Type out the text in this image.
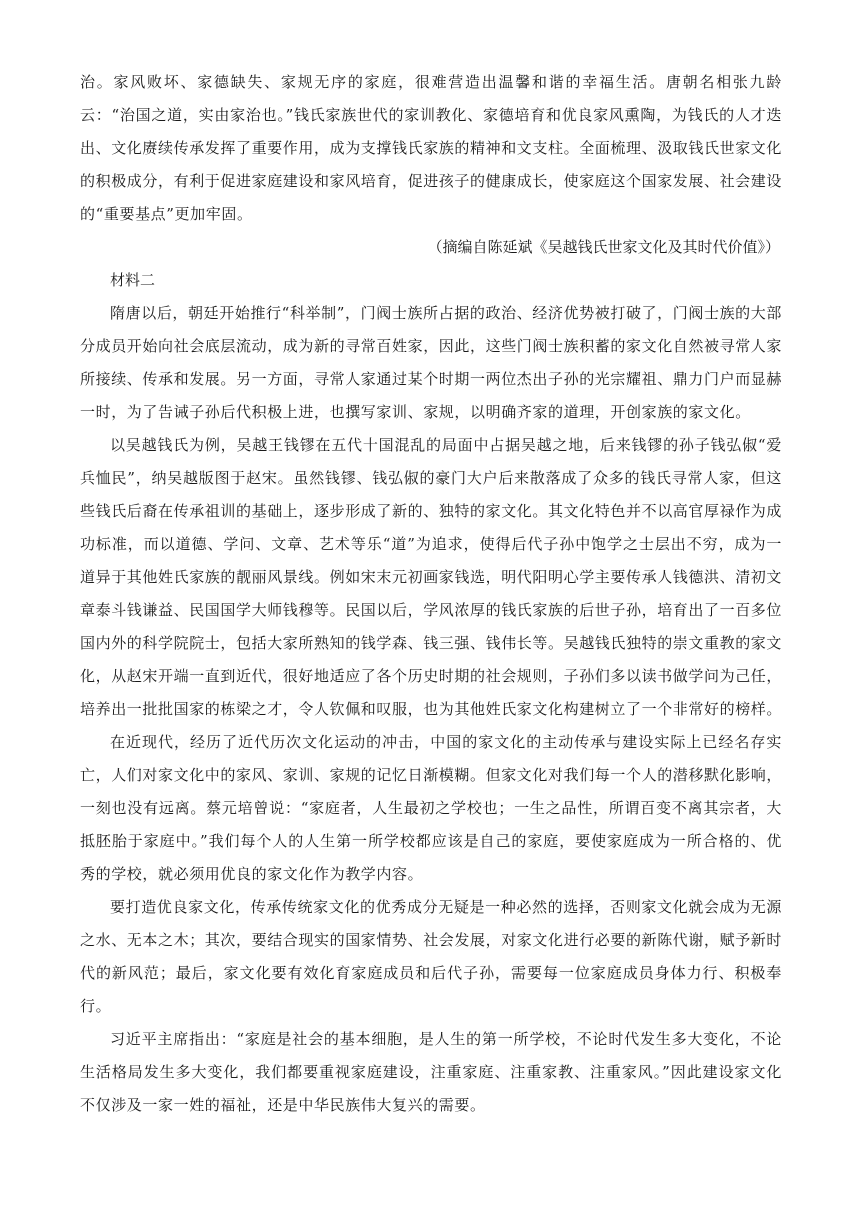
治。家风败坏、家德缺失、家规无序的家庭，很难营造出温馨和谐的幸福生活。唐朝名相张九龄云：“治国之道，实由家治也。”钱氏家族世代的家训教化、家德培育和优良家风熏陶，为钱氏的人才迭出、文化赓续传承发挥了重要作用，成为支撑钱氏家族的精神和文支柱。全面梳理、汲取钱氏世家文化的积极成分，有利于促进家庭建设和家风培育，促进孩子的健康成长，使家庭这个国家发展、社会建设的“重要基点”更加牢固。

（摘编自陈延斌《吴越钱氏世家文化及其时代价值》）

材料二

隋唐以后，朝廷开始推行“科举制”，门阀士族所占据的政治、经济优势被打破了，门阀士族的大部分成员开始向社会底层流动，成为新的寻常百姓家，因此，这些门阀士族积蓄的家文化自然被寻常人家所接续、传承和发展。另一方面，寻常人家通过某个时期一两位杰出子孙的光宗耀祖、鼎力门户而显赫一时，为了告诫子孙后代积极上进，也撰写家训、家规，以明确齐家的道理，开创家族的家文化。

以吴越钱氏为例，吴越王钱镠在五代十国混乱的局面中占据吴越之地，后来钱镠的孙子钱弘俶“爱兵恤民”，纳吴越版图于赵宋。虽然钱镠、钱弘俶的豪门大户后来散落成了众多的钱氏寻常人家，但这些钱氏后裔在传承祖训的基础上，逐步形成了新的、独特的家文化。其文化特色并不以高官厚禄作为成功标准，而以道德、学问、文章、艺术等乐“道”为追求，使得后代子孙中饱学之士层出不穷，成为一道异于其他姓氏家族的靓丽风景线。例如宋末元初画家钱选，明代阳明心学主要传承人钱德洪、清初文章泰斗钱谦益、民国国学大师钱穆等。民国以后，学风浓厚的钱氏家族的后世子孙，培育出了一百多位国内外的科学院院士，包括大家所熟知的钱学森、钱三强、钱伟长等。吴越钱氏独特的崇文重教的家文化，从赵宋开端一直到近代，很好地适应了各个历史时期的社会规则，子孙们多以读书做学问为己任，培养出一批批国家的栋梁之才，令人钦佩和叹服，也为其他姓氏家文化构建树立了一个非常好的榜样。

在近现代，经历了近代历次文化运动的冲击，中国的家文化的主动传承与建设实际上已经名存实亡，人们对家文化中的家风、家训、家规的记忆日渐模糊。但家文化对我们每一个人的潜移默化影响，一刻也没有远离。蔡元培曾说：“家庭者，人生最初之学校也；一生之品性，所谓百变不离其宗者，大抵胚胎于家庭中。”我们每个人的人生第一所学校都应该是自己的家庭，要使家庭成为一所合格的、优秀的学校，就必须用优良的家文化作为教学内容。

要打造优良家文化，传承传统家文化的优秀成分无疑是一种必然的选择，否则家文化就会成为无源之水、无本之木；其次，要结合现实的国家情势、社会发展，对家文化进行必要的新陈代谢，赋予新时代的新风范；最后，家文化要有效化育家庭成员和后代子孙，需要每一位家庭成员身体力行、积极奉行。

习近平主席指出：“家庭是社会的基本细胞，是人生的第一所学校，不论时代发生多大变化，不论生活格局发生多大变化，我们都要重视家庭建设，注重家庭、注重家教、注重家风。”因此建设家文化不仅涉及一家一姓的福祉，还是中华民族伟大复兴的需要。
